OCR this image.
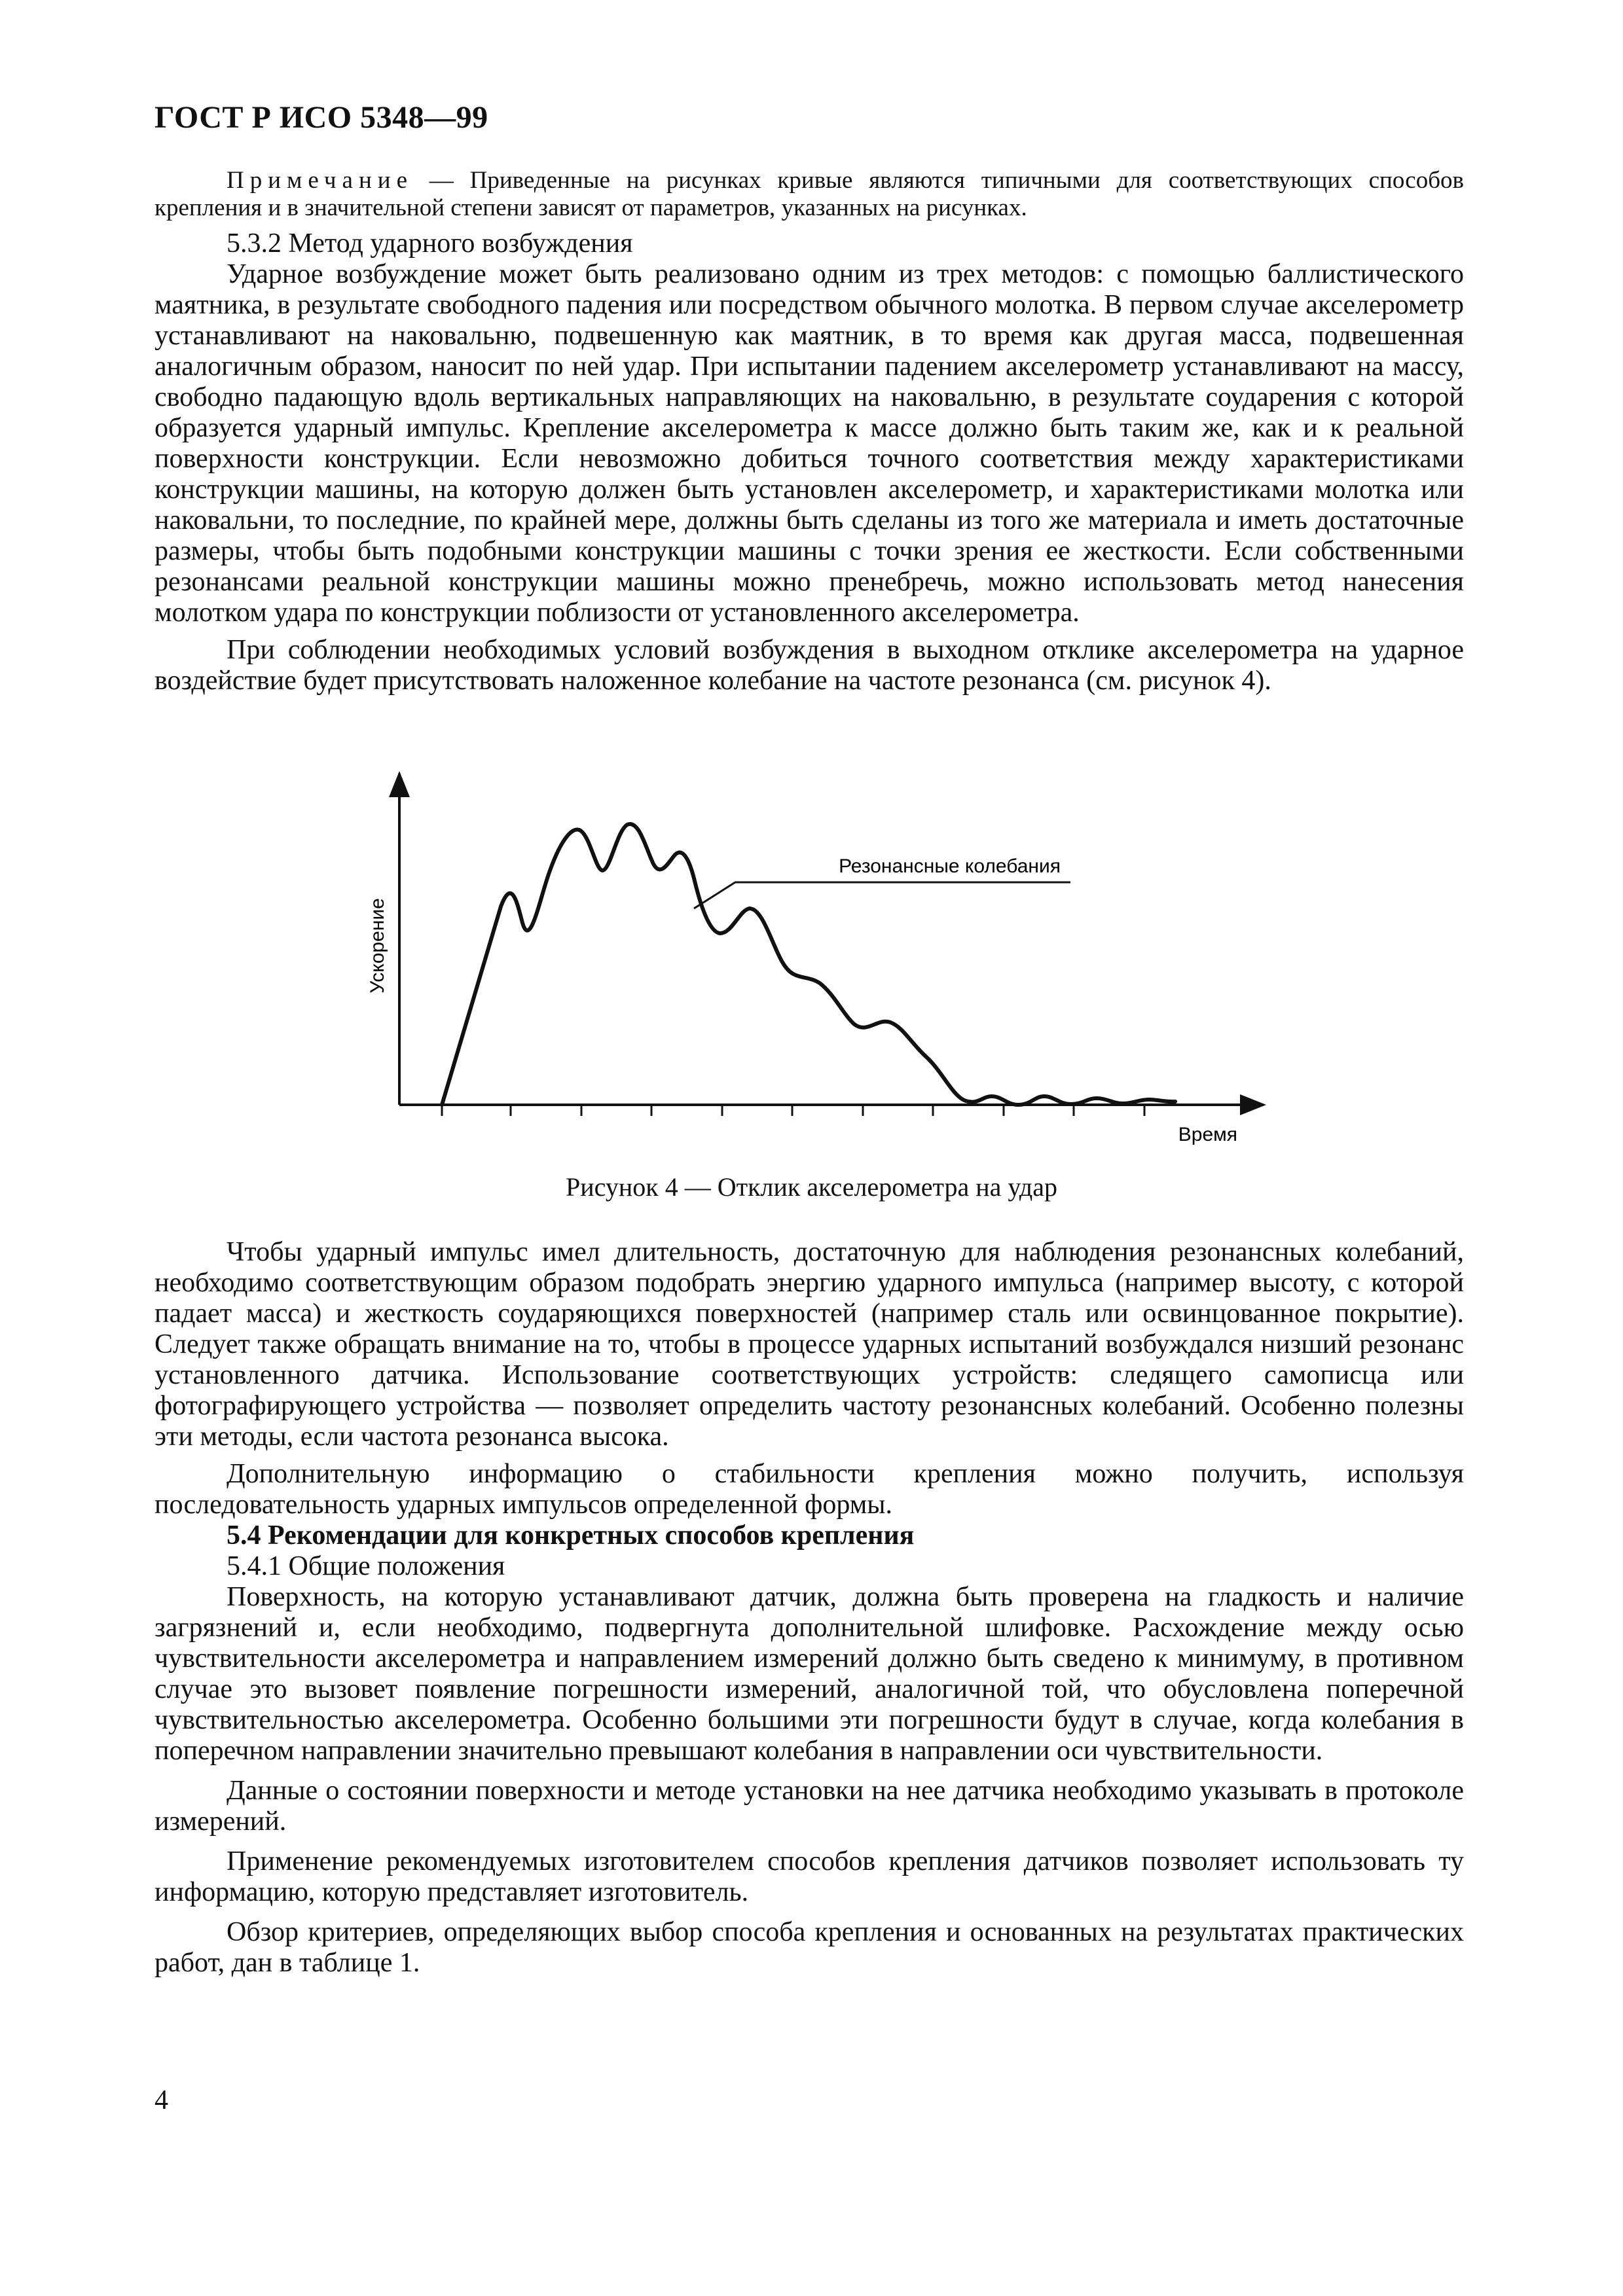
ГОСТ Р ИСО 5348—99

Примечание — Приведенные на рисунках кривые являются типичными для соответствующих способов крепления и в значительной степени зависят от параметров, указанных на рисунках.

5.3.2 Метод ударного возбуждения

Ударное возбуждение может быть реализовано одним из трех методов: с помощью баллистического маятника, в результате свободного падения или посредством обычного молотка. В первом случае акселерометр устанавливают на наковальню, подвешенную как маятник, в то время как другая масса, подвешенная аналогичным образом, наносит по ней удар. При испытании падением акселерометр устанавливают на массу, свободно падающую вдоль вертикальных направляющих на наковальню, в результате соударения с которой образуется ударный импульс. Крепление акселерометра к массе должно быть таким же, как и к реальной поверхности конструкции. Если невозможно добиться точного соответствия между характеристиками конструкции машины, на которую должен быть установлен акселерометр, и характеристиками молотка или наковальни, то последние, по крайней мере, должны быть сделаны из того же материала и иметь достаточные размеры, чтобы быть подобными конструкции машины с точки зрения ее жесткости. Если собственными резонансами реальной конструкции машины можно пренебречь, можно использовать метод нанесения молотком удара по конструкции поблизости от установленного акселерометра.

При соблюдении необходимых условий возбуждения в выходном отклике акселерометра на ударное воздействие будет присутствовать наложенное колебание на частоте резонанса (см. рисунок 4).

Резонансные колебания
Ускорение
Время
Рисунок 4 — Отклик акселерометра на удар

Чтобы ударный импульс имел длительность, достаточную для наблюдения резонансных колебаний, необходимо соответствующим образом подобрать энергию ударного импульса (например высоту, с которой падает масса) и жесткость соударяющихся поверхностей (например сталь или освинцованное покрытие). Следует также обращать внимание на то, чтобы в процессе ударных испытаний возбуждался низший резонанс установленного датчика. Использование соответствующих устройств: следящего самописца или фотографирующего устройства — позволяет определить частоту резонансных колебаний. Особенно полезны эти методы, если частота резонанса высока.

Дополнительную информацию о стабильности крепления можно получить, используя последовательность ударных импульсов определенной формы.

5.4 Рекомендации для конкретных способов крепления

5.4.1 Общие положения

Поверхность, на которую устанавливают датчик, должна быть проверена на гладкость и наличие загрязнений и, если необходимо, подвергнута дополнительной шлифовке. Расхождение между осью чувствительности акселерометра и направлением измерений должно быть сведено к минимуму, в противном случае это вызовет появление погрешности измерений, аналогичной той, что обусловлена поперечной чувствительностью акселерометра. Особенно большими эти погрешности будут в случае, когда колебания в поперечном направлении значительно превышают колебания в направлении оси чувствительности.

Данные о состоянии поверхности и методе установки на нее датчика необходимо указывать в протоколе измерений.

Применение рекомендуемых изготовителем способов крепления датчиков позволяет использовать ту информацию, которую представляет изготовитель.

Обзор критериев, определяющих выбор способа крепления и основанных на результатах практических работ, дан в таблице 1.

4
